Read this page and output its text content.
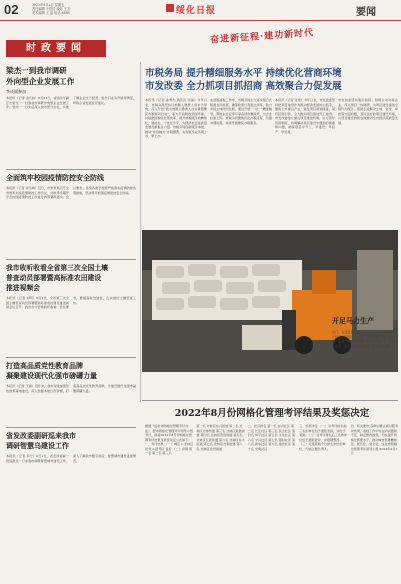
02	2022年9月2日 星期五
责任编辑 于佳佳 校对 王玉
美术编辑 王 晶 电话 8888	绥化日报	要闻
时政要闻
奋进新征程·建功新时代
梁杰一到我市调研
外向型企业发展工作
李成副参加
本报讯（记者 孟凡林）8月31日，省商务厅副厅长梁杰一一行到我市调研外向型企业发展工作。梁杰一一行先后深入我市部分企业，实地了解企业生产经营、进出口业务开展等情况，听取企业发展意见建议。
全面筑牢校园疫情防控安全防线
本报讯（记者 李冬梅）近日，市教育局召开全市教育系统疫情防控工作会议，对秋季学期开学及校园疫情防控工作进行再部署再落实。会议要求，各级各类学校要严格落实疫情防控各项措施，坚决筑牢校园疫情防控安全防线。
我市收听收看全省第三次全国土壤
普查动员部署暨高标准农田建设
推进视频会
本报讯（记者 刘明）9月1日，全省第三次全国土壤普查动员部署暨高标准农田建设推进视频会议召开。我市在分会场收听收看。会议要求，要提高政治站位，扎实做好土壤普查工作。
打造高品质党性教育品牌
凝聚建设现代化强市磅礴力量
本报讯（记者 王丽）近年来，我市持续加强党性教育基地建设，深入挖掘本地红色资源，打造高品质党性教育品牌，为建设现代化强市凝聚磅礴力量。
省发改委副研巡来我市
调研智慧乌建设工作
本报讯（记者 李宁）9月1日，省发改委副一级巡视员一行来我市调研智慧城市建设工作，深入了解我市数字政府、智慧城市建设进展情况。
市税务局 提升精细服务水平 持续优化营商环境
市发改委 全力抓项目抓招商 高效聚合力促发展
本报讯（记者 孙秀杰 通讯员 张丽）今年以来，市税务局坚持以纳税人缴费人需求为导向，深入开展“我为纳税人缴费人办实事暨便民办税春风行动”，着力打造税收营商环境，持续推进税收征管改革，提升纳税服务的精细化、智能化、个性化水平，为经济社会高质量发展贡献税务力量。市税务局创新服务举措，推动“非接触式”办税缴费，实现更多业务网上办、掌上办。
在退税减税工作中，市税务局全力落实组合式税费支持政策，确保政策红利直达快享，助力市场主体纾困发展。通过开展“一对一”精准辅导，帮助企业应享尽享各项优惠政策，让企业轻装上阵。市税务局聚焦优化办税流程，压缩办理时限，持续开展便民办税服务。
本报讯（记者 张雪）今年以来，市发改委坚持把项目建设作为推动经济发展的主抓手，聚焦全市重点产业，强化项目谋划储备，紧盯招商引资，全力推动项目落地开工建设。市发改委建立重点项目推进机制，实行领导包保制度，协调解决项目建设中遇到的困难和问题，确保项目早开工、早建设、早投产、早见效。
市发改委坚持服务前移，积极主动对接企业，深入项目一线调研，为项目建设提供全程代办服务，帮助企业解决土地、资金、审批等方面问题，营造良好的项目建设环境，以项目建设的新成效推动全市经济高质量发展。
开足马力生产
近日，在绥化经济技术开发区某企业车间内，工人们正在开足马力生产，加紧赶制订单。今年以来，企业抢抓市场机遇，加大研发投入，产品供不应求，生产线满负荷运转。记者 张伟 摄
2022年8月份网格化管理考评结果及奖惩决定
根据《绥化市网格化管理考评办法》，经市网格化管理考评领导小组考评，现将2022年8月份网格化管理考评结果及奖惩决定公布如下：一、考评结果 （一）城区 1.北林区 优秀 2.经开区 良好 （二）乡镇 第一名 第二名 第三名
第一名 北林区东兴街道 第二名 北林区北林街道 第三名 北林区爱路街道 第四名 北林区西直街道 第五名 北林区五营街道 第六名 北林区东大街道 第七名 北林区吉泰街道 第八名 北林区北辰街道
二、社区排名 第一名 东兴社区 第二名 长安社区 第三名 民主社区 第四名 和平社区 第五名 文化社区 第六名 中兴社区 第七名 银河社区 第八名 新华社区 第九名 建设社区 第十名 光明社区
三、奖惩决定 （一）对考评排名前三名的单位给予通报表扬，并给予奖励。（二）对考评排名后三名的单位给予通报批评，并限期整改。（三）对连续两个月排名末位的单位，约谈主要负责人。
四、有关要求 各单位要认真对照考评结果，查找工作中存在的问题和不足，制定整改措施，切实提升网格化管理水平，推动城市管理精细化、规范化、常态化。绥化市网格化管理考评领导小组 2022年9月1日
